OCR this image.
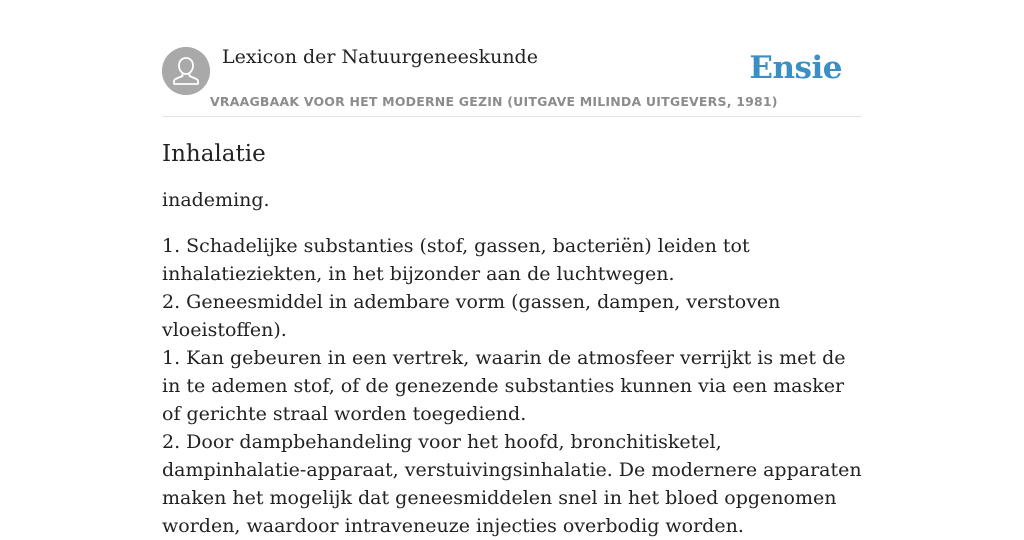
Lexicon der Natuurgeneeskunde
VRAAGBAAK VOOR HET MODERNE GEZIN (UITGAVE MILINDA UITGEVERS, 1981)
Ensie
Inhalatie

inademing.

1. Schadelijke substanties (stof, gassen, bacteriën) leiden tot inhalatieziekten, in het bijzonder aan de luchtwegen.
2. Geneesmiddel in adembare vorm (gassen, dampen, verstoven vloeistoffen).
1. Kan gebeuren in een vertrek, waarin de atmosfeer verrijkt is met de in te ademen stof, of de genezende substanties kunnen via een masker of gerichte straal worden toegediend.
2. Door dampbehandeling voor het hoofd, bronchitisketel, dampinhalatie-apparaat, verstuivingsinhalatie. De modernere apparaten maken het mogelijk dat geneesmiddelen snel in het bloed opgenomen worden, waardoor intraveneuze injecties overbodig worden.
